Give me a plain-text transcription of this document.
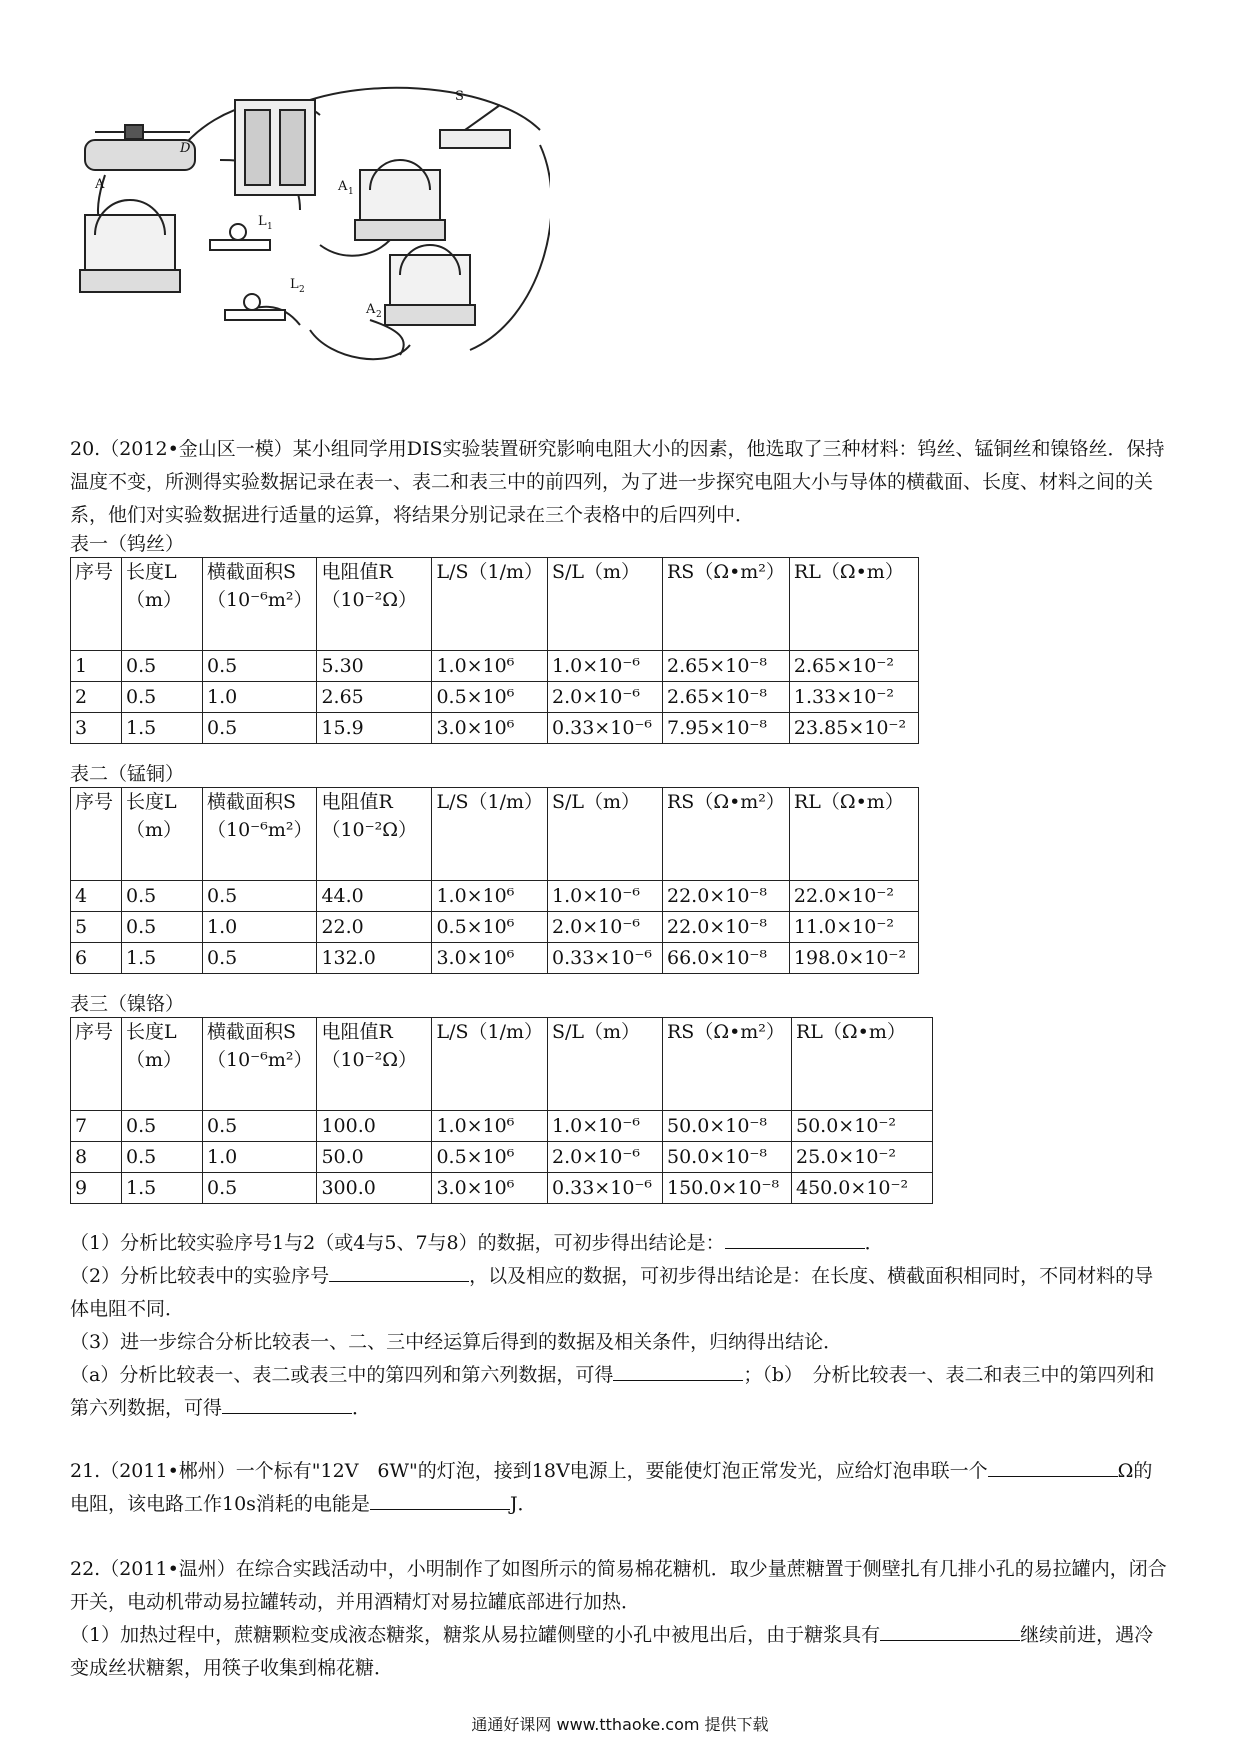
S
D
A	A 1
A 2
L 1
L 2

20.（2012•金山区一模）某小组同学用DIS实验装置研究影响电阻大小的因素，他选取了三种材料：钨丝、锰铜丝和镍铬丝．保持温度不变，所测得实验数据记录在表一、表二和表三中的前四列，为了进一步探究电阻大小与导体的横截面、长度、材料之间的关系，他们对实验数据进行适量的运算，将结果分别记录在三个表格中的后四列中．

表一（钨丝）
序号	长度L（m）	横截面积S（10⁻⁶m²）	电阻值R（10⁻²Ω）	L/S（1/m）	S/L（m）	RS（Ω•m²）	RL（Ω•m）
1	0.5	0.5	5.30	1.0×10⁶	1.0×10⁻⁶	2.65×10⁻⁸	2.65×10⁻²
2	0.5	1.0	2.65	0.5×10⁶	2.0×10⁻⁶	2.65×10⁻⁸	1.33×10⁻²
3	1.5	0.5	15.9	3.0×10⁶	0.33×10⁻⁶	7.95×10⁻⁸	23.85×10⁻²
表二（锰铜）
序号	长度L（m）	横截面积S（10⁻⁶m²）	电阻值R（10⁻²Ω）	L/S（1/m）	S/L（m）	RS（Ω•m²）	RL（Ω•m）
4	0.5	0.5	44.0	1.0×10⁶	1.0×10⁻⁶	22.0×10⁻⁸	22.0×10⁻²
5	0.5	1.0	22.0	0.5×10⁶	2.0×10⁻⁶	22.0×10⁻⁸	11.0×10⁻²
6	1.5	0.5	132.0	3.0×10⁶	0.33×10⁻⁶	66.0×10⁻⁸	198.0×10⁻²
表三（镍铬）
序号	长度L（m）	横截面积S（10⁻⁶m²）	电阻值R（10⁻²Ω）	L/S（1/m）	S/L（m）	RS（Ω•m²）	RL（Ω•m）
7	0.5	0.5	100.0	1.0×10⁶	1.0×10⁻⁶	50.0×10⁻⁸	50.0×10⁻²
8	0.5	1.0	50.0	0.5×10⁶	2.0×10⁻⁶	50.0×10⁻⁸	25.0×10⁻²
9	1.5	0.5	300.0	3.0×10⁶	0.33×10⁻⁶	150.0×10⁻⁸	450.0×10⁻²

（1）分析比较实验序号1与2（或4与5、7与8）的数据，可初步得出结论是：	．

（2）分析比较表中的实验序号	，以及相应的数据，可初步得出结论是：在长度、横截面积相同时，不同材料的导体电阻不同．

（3）进一步综合分析比较表一、二、三中经运算后得到的数据及相关条件，归纳得出结论．

（a）分析比较表一、表二或表三中的第四列和第六列数据，可得	；（b）　分析比较表一、表二和表三中的第四列和第六列数据，可得	．

21.（2011•郴州）一个标有"12V　6W"的灯泡，接到18V电源上，要能使灯泡正常发光，应给灯泡串联一个	Ω的电阻，该电路工作10s消耗的电能是	J．

22.（2011•温州）在综合实践活动中，小明制作了如图所示的简易棉花糖机．取少量蔗糖置于侧壁扎有几排小孔的易拉罐内，闭合开关，电动机带动易拉罐转动，并用酒精灯对易拉罐底部进行加热．

（1）加热过程中，蔗糖颗粒变成液态糖浆，糖浆从易拉罐侧壁的小孔中被甩出后，由于糖浆具有	继续前进，遇冷变成丝状糖絮，用筷子收集到棉花糖．

通通好课网 www.tthaoke.com 提供下载
